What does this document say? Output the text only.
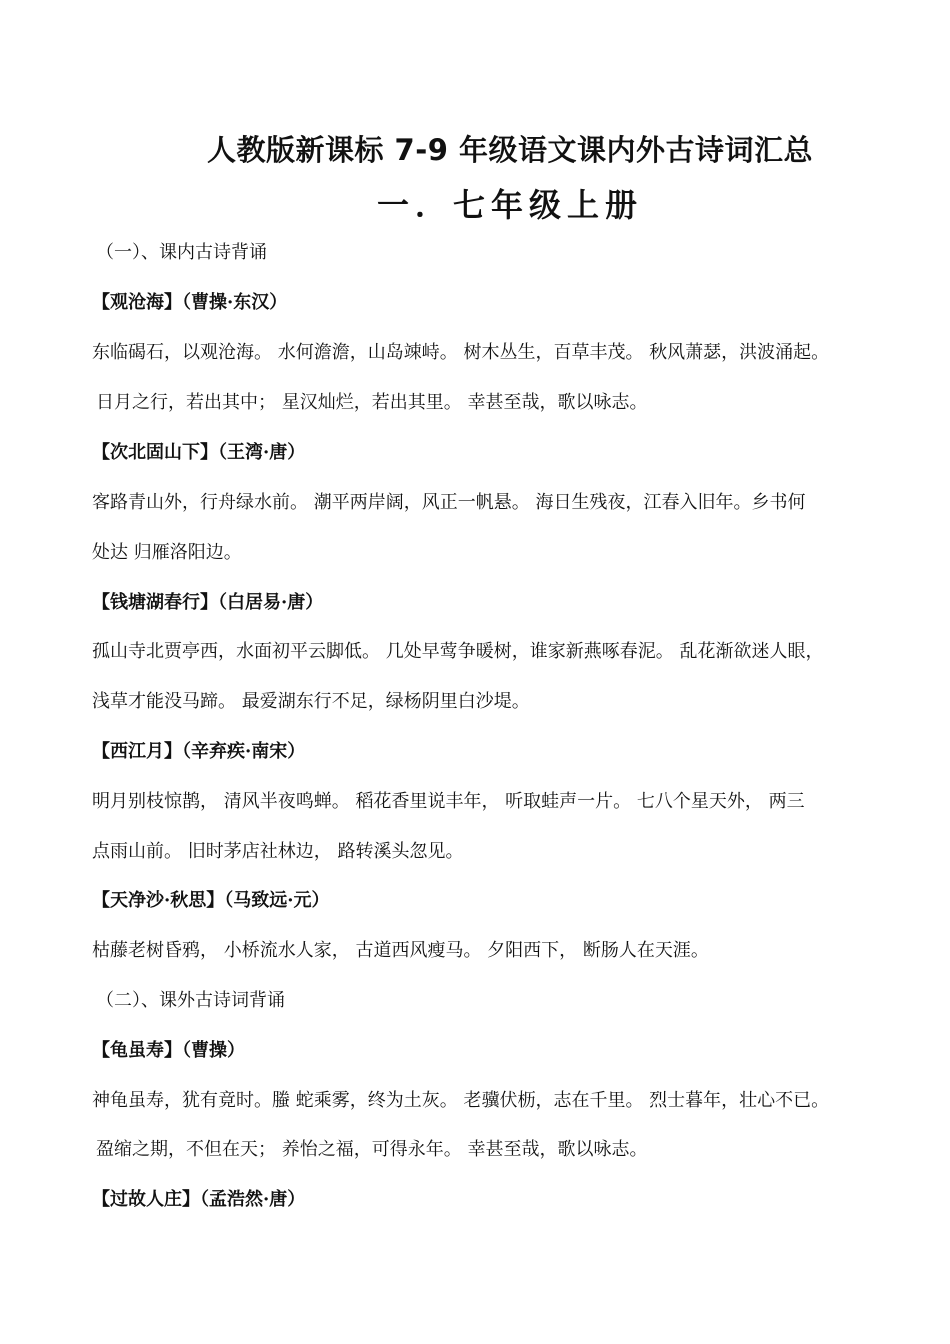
人教版新课标 7-9 年级语文课内外古诗词汇总
一．七年级上册
（一）、课内古诗背诵
【观沧海】（曹操·东汉）
东临碣石，以观沧海。 水何澹澹，山岛竦峙。 树木丛生，百草丰茂。 秋风萧瑟，洪波涌起。
日月之行，若出其中； 星汉灿烂，若出其里。 幸甚至哉，歌以咏志。
【次北固山下】（王湾·唐）
客路青山外，行舟绿水前。 潮平两岸阔，风正一帆悬。 海日生残夜，江春入旧年。乡书何
处达 归雁洛阳边。
【钱塘湖春行】（白居易·唐）
孤山寺北贾亭西，水面初平云脚低。 几处早莺争暖树，谁家新燕啄春泥。 乱花渐欲迷人眼，
浅草才能没马蹄。 最爱湖东行不足，绿杨阴里白沙堤。
【西江月】（辛弃疾·南宋）
明月别枝惊鹊， 清风半夜鸣蝉。 稻花香里说丰年， 听取蛙声一片。 七八个星天外， 两三
点雨山前。 旧时茅店社林边， 路转溪头忽见。
【天净沙·秋思】（马致远·元）
枯藤老树昏鸦， 小桥流水人家， 古道西风瘦马。 夕阳西下， 断肠人在天涯。
（二）、课外古诗词背诵
【龟虽寿】（曹操）
神龟虽寿，犹有竟时。螣 蛇乘雾，终为土灰。 老骥伏枥，志在千里。 烈士暮年，壮心不已。
盈缩之期，不但在天； 养怡之福，可得永年。 幸甚至哉，歌以咏志。
【过故人庄】（孟浩然·唐）
